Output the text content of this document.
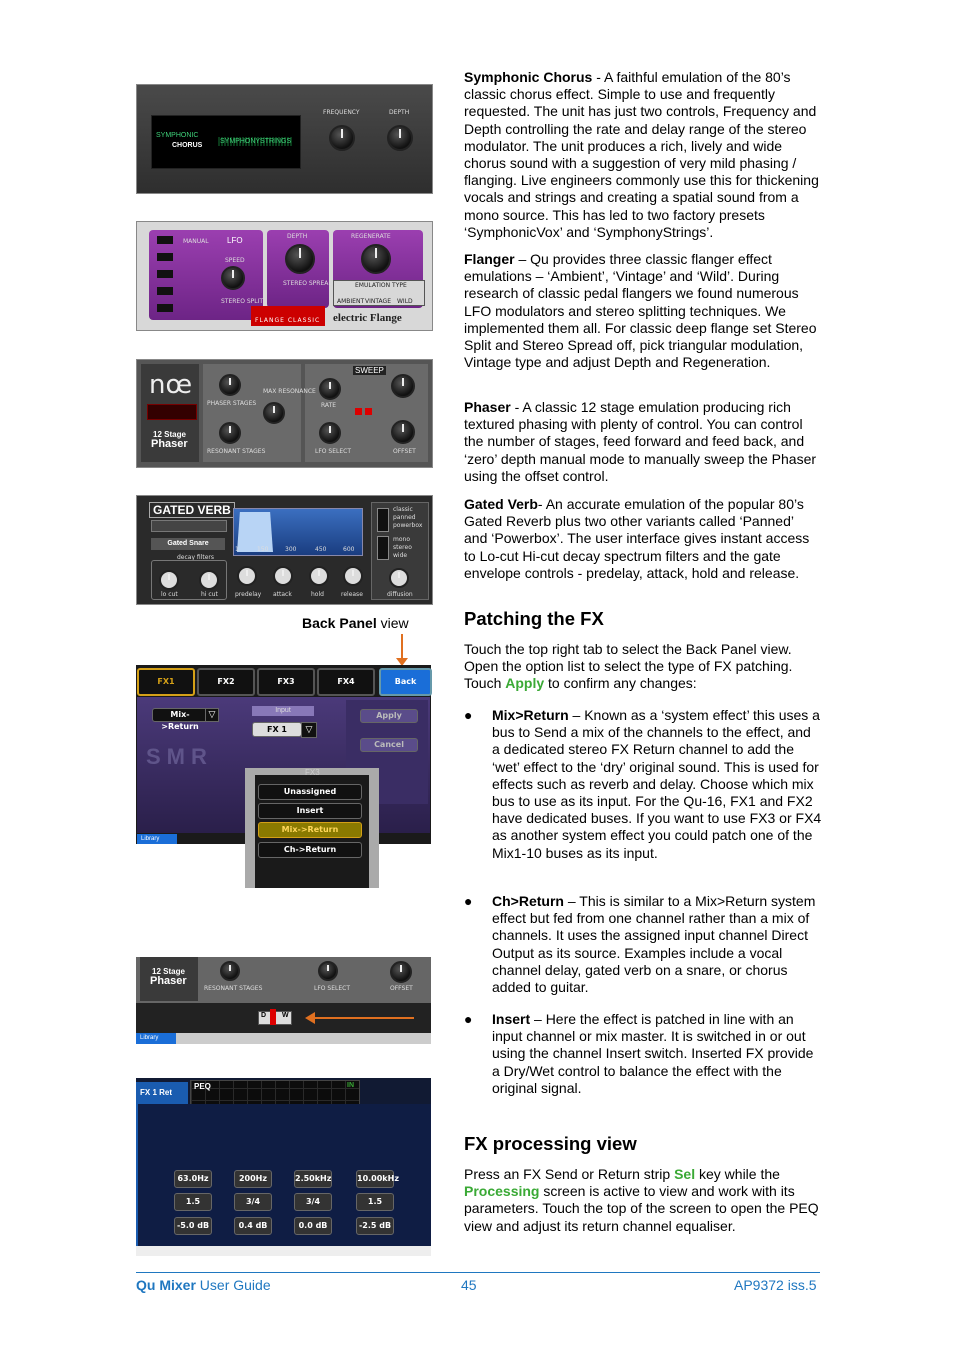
SYMPHONIC
CHORUS
SYMPHONYSTRINGS
FREQUENCY	DEPTH
MANUAL LFO
SPEED
STEREO SPLIT
DEPTH
STEREO SPREAD
REGENERATE
EMULATION TYPE
AMBIENT VINTAGE WILD
FLANGE CLASSIC electric Flange
nœ
12 Stage
Phaser
PHASER STAGES
MAX RESONANCE
RESONANT STAGES
SWEEP
RATE
OFFSET
LFO SELECT
GATED VERB
Gated Snare
decay filters
lo cut	hi cut
1	150	300	450	600
predelay attack	hold	release
classic
panned
powerbox
mono
stereo
wide
diffusion
Back Panel view
FX1	FX2	FX3	FX4	Back
Mix->Return
▽	Input
FX 1	▽
Apply
Cancel
SMR
Library
FX3
Unassigned
Insert
Mix->Return
Ch->Return
12 Stage
Phaser
RESONANT STAGES	LFO SELECT	OFFSET
D W
Library
FX 1 Ret
PEQ	IN
63.0Hz	200Hz	2.50kHz	10.00kHz
1.5	3/4	3/4	1.5
-5.0 dB	0.4 dB	0.0 dB	-2.5 dB
Symphonic Chorus - A faithful emulation of the 80’s classic chorus effect. Simple to use and frequently requested. The unit has just two controls, Frequency and Depth controlling the rate and delay range of the stereo modulator. The unit produces a rich, lively and wide chorus sound with a suggestion of very mild phasing / flanging. Live engineers commonly use this for thickening vocals and strings and creating a spatial sound from a mono source. This has led to two factory presets ‘SymphonicVox’ and ‘SymphonyStrings’.
Flanger – Qu provides three classic flanger effect emulations – ‘Ambient’, ‘Vintage’ and ‘Wild’. During research of classic pedal flangers we found numerous LFO modulators and stereo splitting techniques. We implemented them all. For classic deep flange set Stereo Split and Stereo Spread off, pick triangular modulation, Vintage type and adjust Depth and Regeneration.
Phaser - A classic 12 stage emulation producing rich textured phasing with plenty of control. You can control the number of stages, feed forward and feed back, and ‘zero’ depth manual mode to manually sweep the Phaser using the offset control.
Gated Verb- An accurate emulation of the popular 80’s Gated Reverb plus two other variants called ‘Panned’ and ‘Powerbox’. The user interface gives instant access to Lo-cut Hi-cut decay spectrum filters and the gate envelope controls - predelay, attack, hold and release.
Patching the FX
Touch the top right tab to select the Back Panel view. Open the option list to select the type of FX patching. Touch Apply to confirm any changes:
● Mix>Return – Known as a ‘system effect’ this uses a bus to Send a mix of the channels to the effect, and a dedicated stereo FX Return channel to add the ‘wet’ effect to the ‘dry’ original sound. This is used for effects such as reverb and delay. Choose which mix bus to use as its input. For the Qu-16, FX1 and FX2 have dedicated buses. If you want to use FX3 or FX4 as another system effect you could patch one of the Mix1-10 buses as its input.
● Ch>Return – This is similar to a Mix>Return system effect but fed from one channel rather than a mix of channels. It uses the assigned input channel Direct Output as its source. Examples include a vocal channel delay, gated verb on a snare, or chorus added to guitar.
● Insert – Here the effect is patched in line with an input channel or mix master. It is switched in or out using the channel Insert switch. Inserted FX provide a Dry/Wet control to balance the effect with the original signal.
FX processing view
Press an FX Send or Return strip Sel key while the Processing screen is active to view and work with its parameters. Touch the top of the screen to open the PEQ view and adjust its return channel equaliser.
Qu Mixer User Guide	45	AP9372 iss.5
